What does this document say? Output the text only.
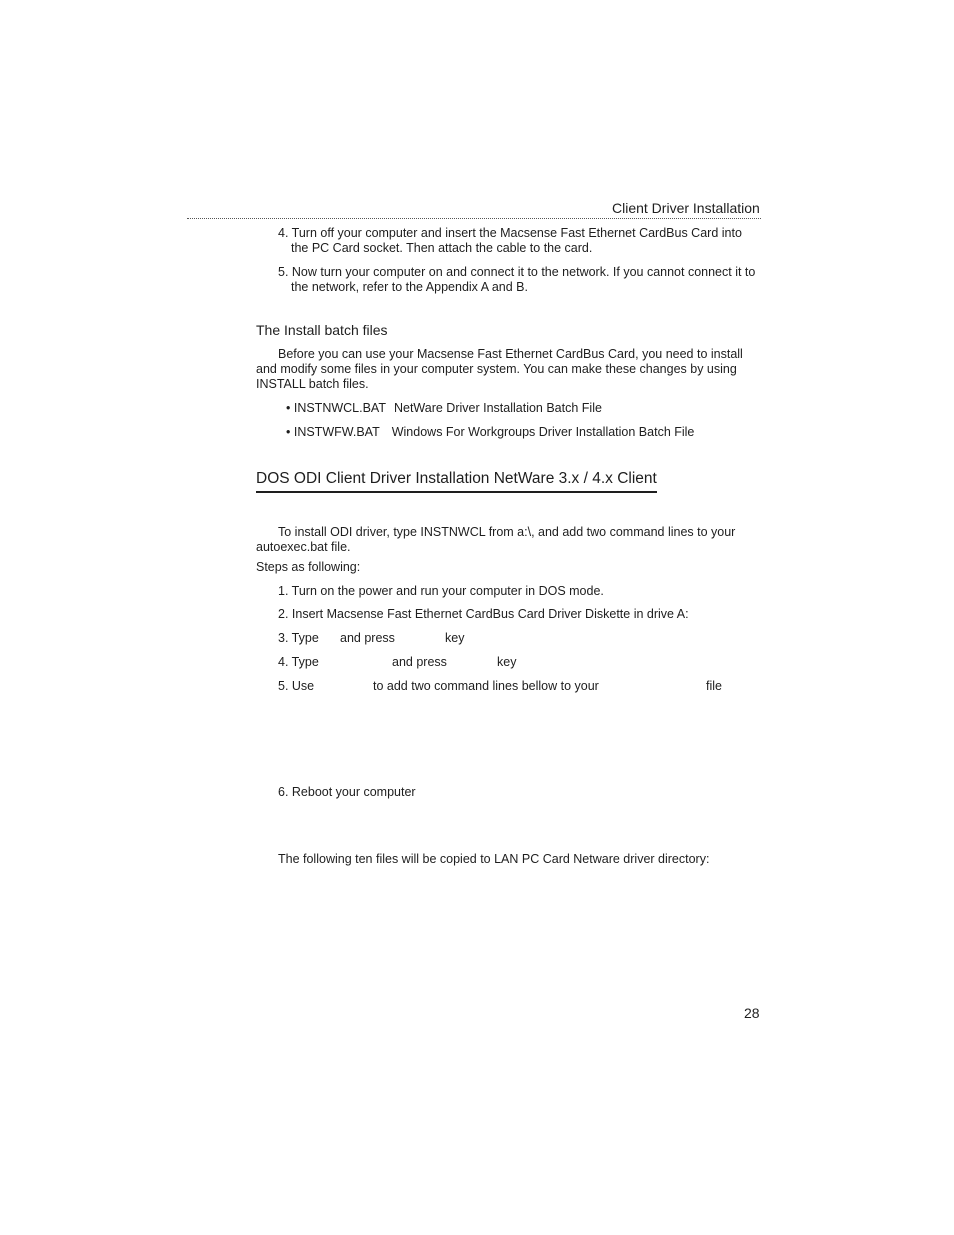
Client Driver Installation
4. Turn off your computer and insert the Macsense Fast Ethernet CardBus Card into
the PC Card socket. Then attach the cable to the card.
5. Now turn your computer on and connect it to the network. If you cannot connect it to
the network, refer to the Appendix A and B.
The Install batch files
Before you can use your Macsense Fast Ethernet CardBus Card, you need to install
and modify some files in your computer system. You can make these changes by using
INSTALL batch files.
• INSTNWCL.BAT NetWare Driver Installation Batch File
• INSTWFW.BAT Windows For Workgroups Driver Installation Batch File
DOS ODI Client Driver Installation NetWare 3.x / 4.x Client
To install ODI driver, type INSTNWCL from a:\, and add two command lines to your
autoexec.bat file.
Steps as following:
1. Turn on the power and run your computer in DOS mode.
2. Insert Macsense Fast Ethernet CardBus Card Driver Diskette in drive A:
3. Type and press	key
4. Type	and press	key
5. Use	to add two command lines bellow to your	file
6. Reboot your computer
The following ten files will be copied to LAN PC Card Netware driver directory:
28
